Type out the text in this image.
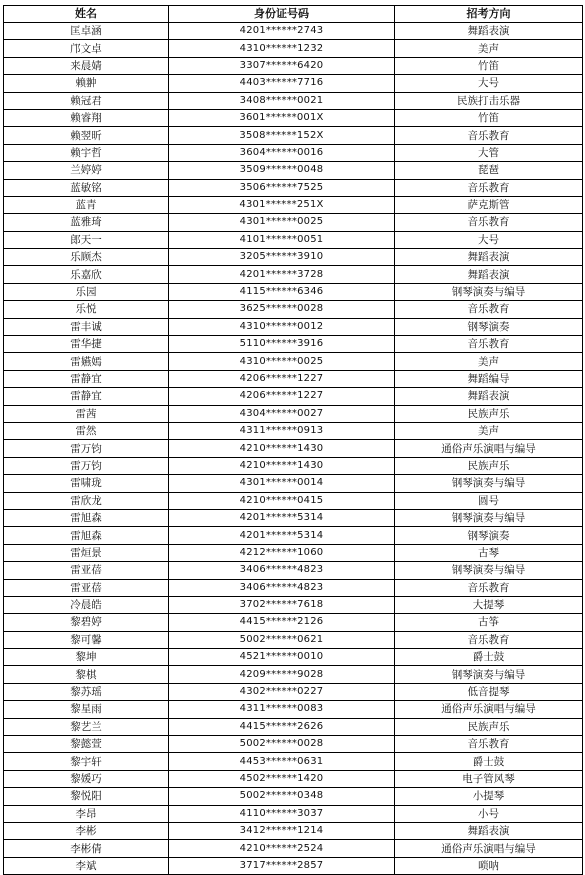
姓名	身份证号码	招考方向
匡卓涵	4201******2743	舞蹈表演
邝文卓	4310******1232	美声
来晨婧	3307******6420	竹笛
赖翀	4403******7716	大号
赖冠君	3408******0021	民族打击乐器
赖睿翔	3601******001X	竹笛
赖翌昕	3508******152X	音乐教育
赖宇哲	3604******0016	大管
兰婷婷	3509******0048	琵琶
蓝敏铭	3506******7525	音乐教育
蓝青	4301******251X	萨克斯管
蓝雅琦	4301******0025	音乐教育
郎天一	4101******0051	大号
乐顾杰	3205******3910	舞蹈表演
乐嘉欣	4201******3728	舞蹈表演
乐园	4115******6346	钢琴演奏与编导
乐悦	3625******0028	音乐教育
雷丰诚	4310******0012	钢琴演奏
雷华捷	5110******3916	音乐教育
雷嬿嫣	4310******0025	美声
雷静宜	4206******1227	舞蹈编导
雷静宜	4206******1227	舞蹈表演
雷茜	4304******0027	民族声乐
雷然	4311******0913	美声
雷万钧	4210******1430	通俗声乐演唱与编导
雷万钧	4210******1430	民族声乐
雷啸珑	4301******0014	钢琴演奏与编导
雷欣龙	4210******0415	圆号
雷旭森	4201******5314	钢琴演奏与编导
雷旭森	4201******5314	钢琴演奏
雷烜景	4212******1060	古琴
雷亚蓓	3406******4823	钢琴演奏与编导
雷亚蓓	3406******4823	音乐教育
冷晨皓	3702******7618	大提琴
黎碧婷	4415******2126	古筝
黎可馨	5002******0621	音乐教育
黎坤	4521******0010	爵士鼓
黎棋	4209******9028	钢琴演奏与编导
黎苏瑶	4302******0227	低音提琴
黎星雨	4311******0083	通俗声乐演唱与编导
黎艺兰	4415******2626	民族声乐
黎懿萱	5002******0028	音乐教育
黎宇轩	4453******0631	爵士鼓
黎媛巧	4502******1420	电子管风琴
黎悦阳	5002******0348	小提琴
李昂	4110******3037	小号
李彬	3412******1214	舞蹈表演
李彬倩	4210******2524	通俗声乐演唱与编导
李斌	3717******2857	唢呐
